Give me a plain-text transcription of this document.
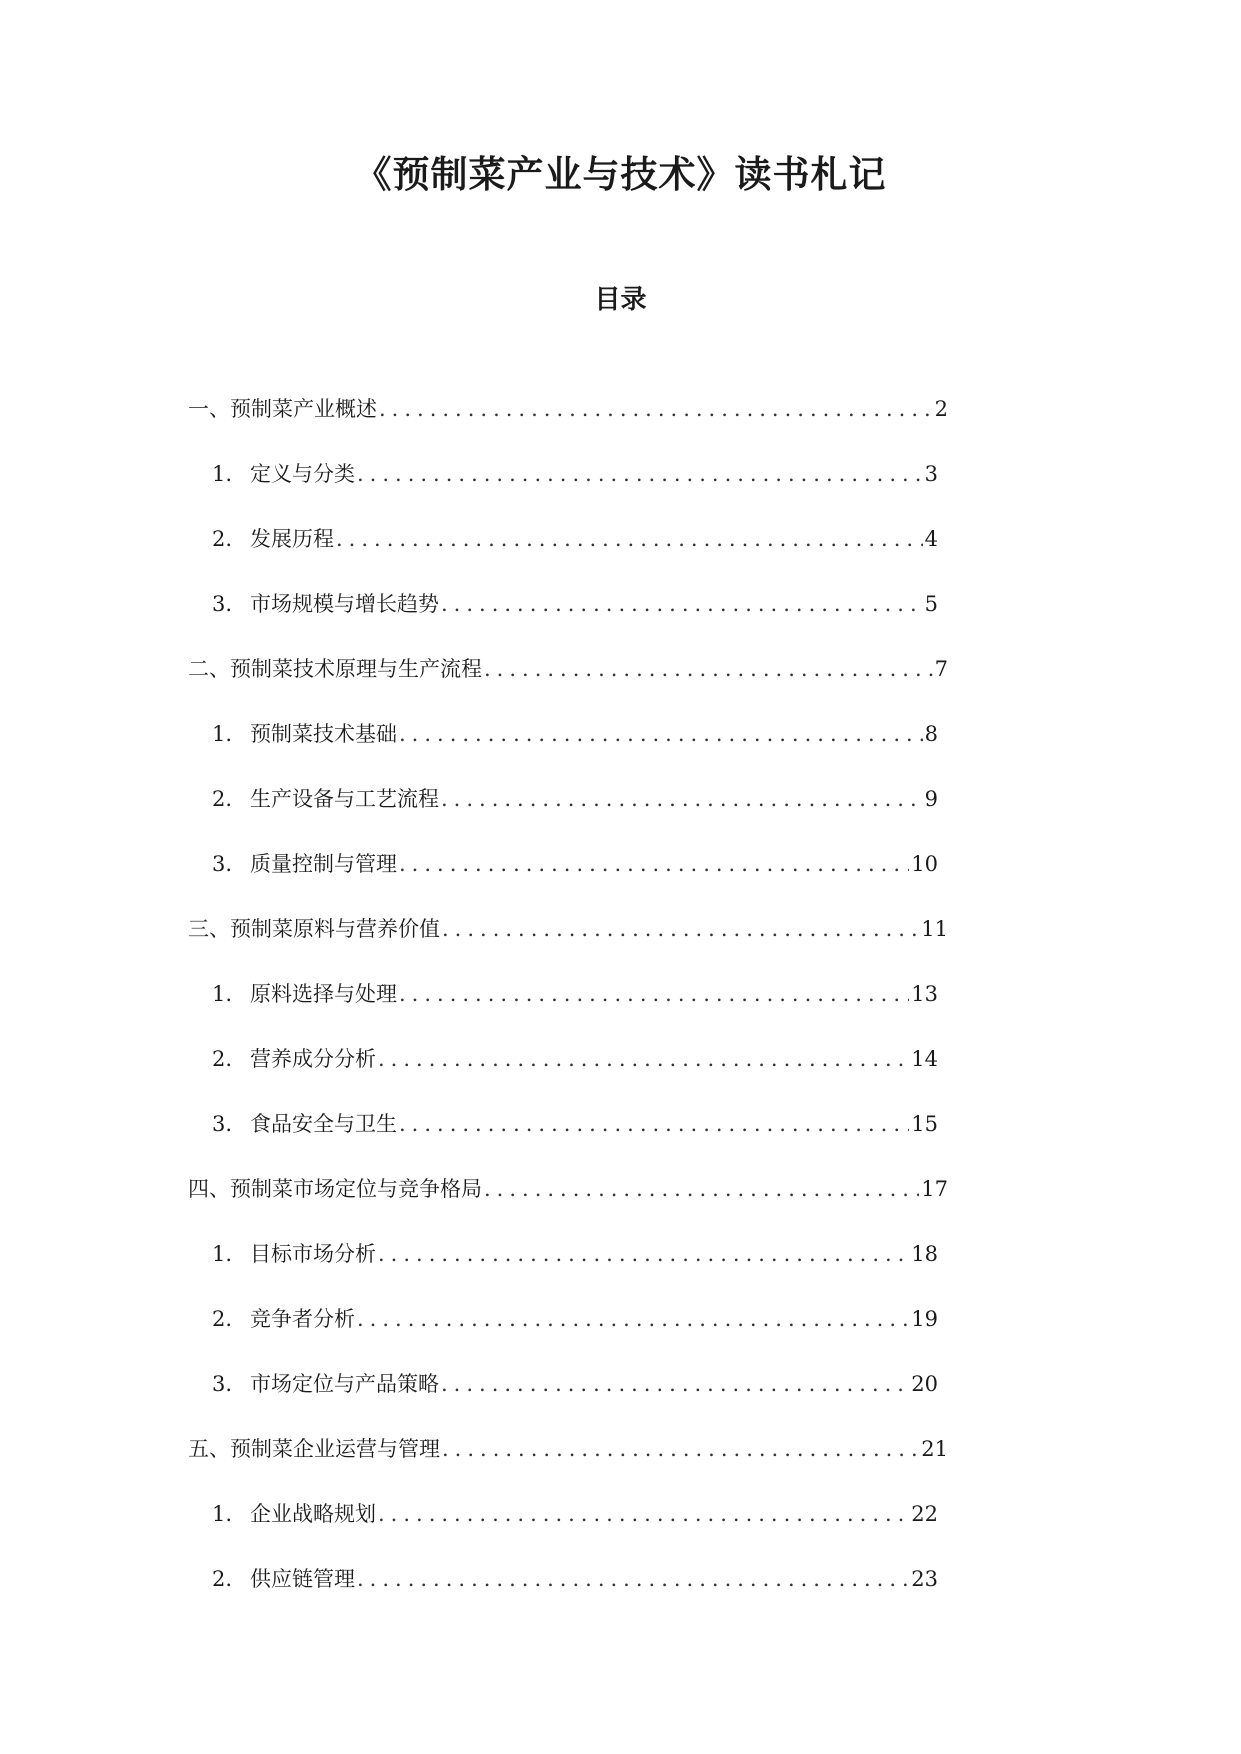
《预制菜产业与技术》读书札记
目录
一、预制菜产业概述 .....	2
1. 定义与分类 .....	3
2. 发展历程 .....	4
3. 市场规模与增长趋势 .....	5
二、预制菜技术原理与生产流程 .....	7
1. 预制菜技术基础 .....	8
2. 生产设备与工艺流程 .....	9
3. 质量控制与管理 .....	10
三、预制菜原料与营养价值 .....	11
1. 原料选择与处理 .....	13
2. 营养成分分析 .....	14
3. 食品安全与卫生 .....	15
四、预制菜市场定位与竞争格局 .....	17
1. 目标市场分析 .....	18
2. 竞争者分析 .....	19
3. 市场定位与产品策略 .....	20
五、预制菜企业运营与管理 .....	21
1. 企业战略规划 .....	22
2. 供应链管理 .....	23
